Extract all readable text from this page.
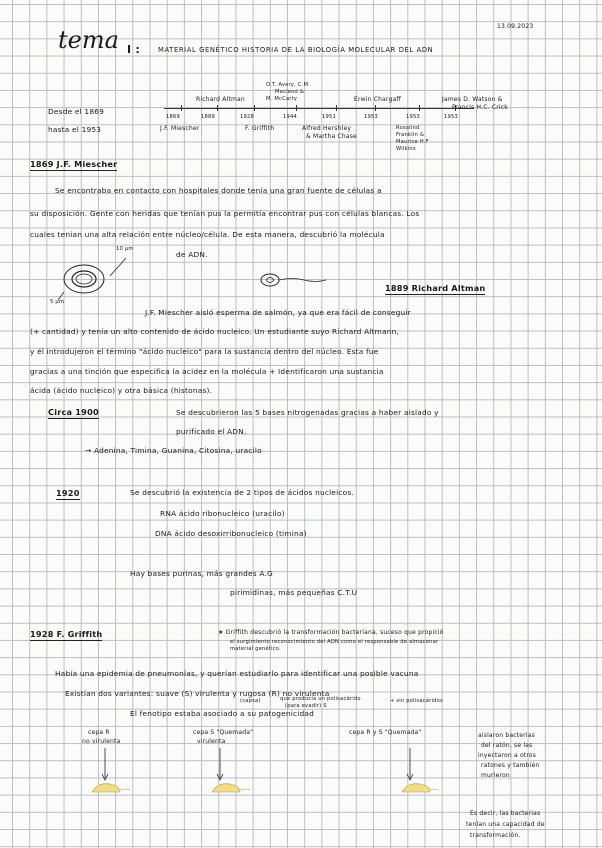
13.09.2023
tema I :	MATERIAL GENÉTICO HISTORIA DE LA BIOLOGÍA MOLECULAR DEL ADN
Desde el 1869
hasta el 1953
Richard Altman
O.T. Avery, C.M.
Macleod &
M. McCarty	Erwin Chargaff	James D. Watson &
Francis H.C. Crick
1869	1889	1928	1944	1951	1953	1953	1953
J.F. Miescher	F. Griffith	Alfred Hershley
& Martha Chase
Rosalind
Franklin &
Maurice H.F
Wilkins
1869 J.F. Miescher
Se encontraba en contacto con hospitales donde tenía una gran fuente de células a
su disposición. Gente con heridas que tenían pus la permitía encontrar pus con células blancas. Los
cuales tenían una alta relación entre núcleo/célula. De esta manera, descubrió la molécula
de ADN.
10 µm
5 µm
1889 Richard Altman
J.F. Miescher aisló esperma de salmón, ya que era fácil de conseguir
(+ cantidad) y tenía un alto contenido de ácido nucleico. Un estudiante suyo Richard Altmann,
y él introdujeron el término "ácido nucleico" para la sustancia dentro del núcleo. Esta fue
gracias a una tinción que especifica la acidez en la molécula + Identificaron una sustancia
ácida (ácido nucleico) y otra básica (histonas).
Circa 1900	Se descubrieron las 5 bases nitrogenadas gracias a haber aislado y
purificado el ADN.
→ Adenina, Timina, Guanina, Citosina, uracilo
1920	Se descubrió la existencia de 2 tipos de ácidos nucleicos.
RNA ácido ribonucleico (uracilo)
DNA ácido desoxirribonucleico (timina)
Hay bases purinas, más grandes A.G
pirimidinas, más pequeñas C.T.U
1928 F. Griffith	★ Griffith descubrió la transformación bacteriana, suceso que propició
el surgimiento reconocimiento del ADN como el responsable de almacenar
material genético.
Había una epidemia de pneumonías, y querían estudiarlo para identificar una posible vacuna
Existían dos variantes: suave (S) virulenta y rugosa (R) no virulenta
(capsa)	que producía un polisacárido
(para evadir) S
+ sin polisacáridos
El fenotipo estaba asociado a su patogenicidad
cepa R
no virulenta
cepa S "Quemada"
virulenta
cepa R y S "Quemada"	aislaron bacterias
del ratón, se las
inyectaron a otros
ratones y también
murieron
Es decir, las bacterias
tenían una capacidad de
transformación.
